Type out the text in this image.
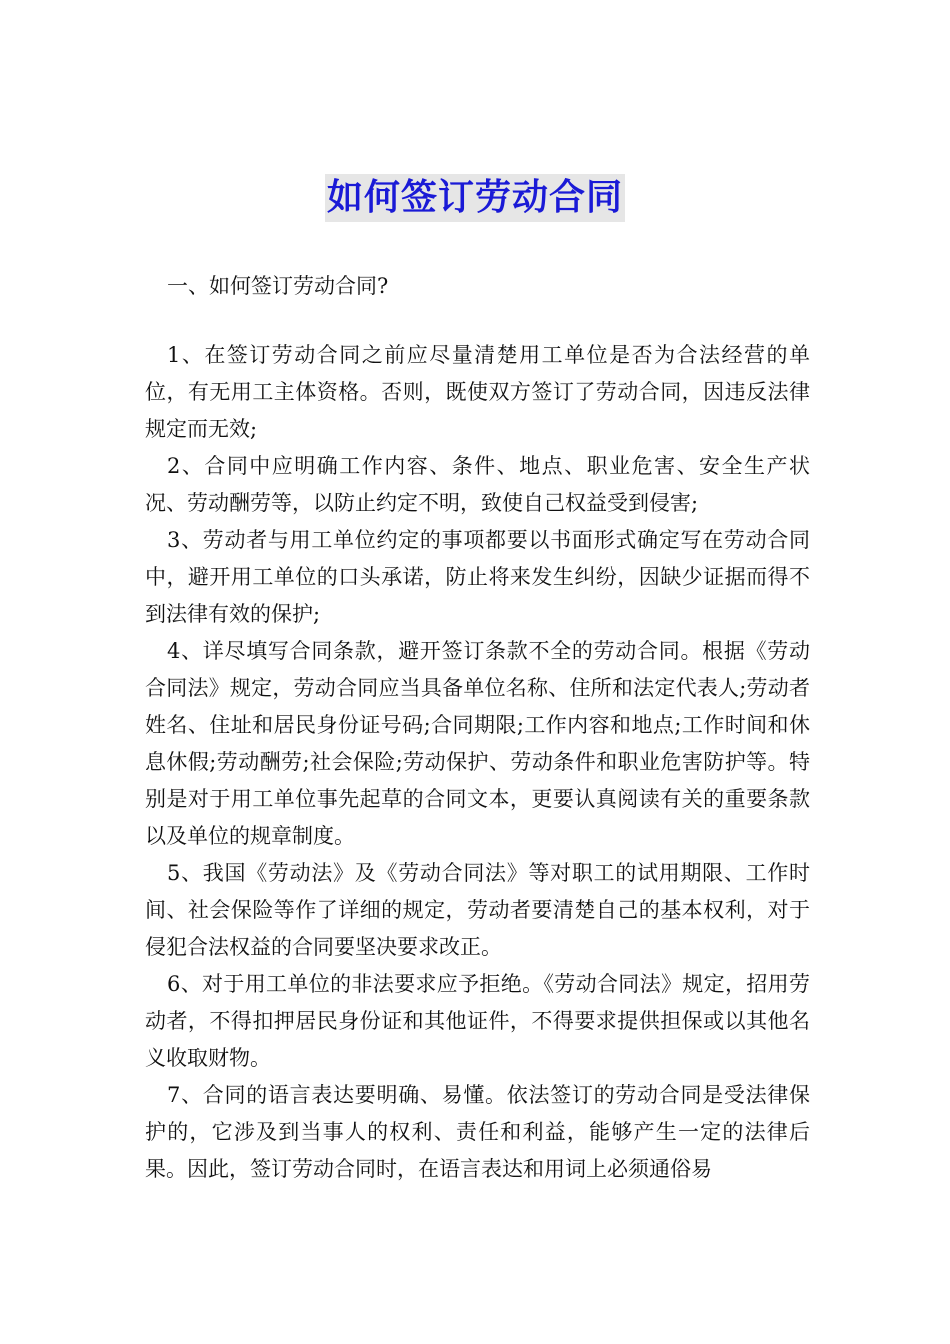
如何签订劳动合同
一、如何签订劳动合同?

1、在签订劳动合同之前应尽量清楚用工单位是否为合法经营的单位，有无用工主体资格。否则，既使双方签订了劳动合同，因违反法律规定而无效;

2、合同中应明确工作内容、条件、地点、职业危害、安全生产状况、劳动酬劳等，以防止约定不明，致使自己权益受到侵害;

3、劳动者与用工单位约定的事项都要以书面形式确定写在劳动合同中，避开用工单位的口头承诺，防止将来发生纠纷，因缺少证据而得不到法律有效的保护;

4、详尽填写合同条款，避开签订条款不全的劳动合同。根据《劳动合同法》规定，劳动合同应当具备单位名称、住所和法定代表人;劳动者姓名、住址和居民身份证号码;合同期限;工作内容和地点;工作时间和休息休假;劳动酬劳;社会保险;劳动保护、劳动条件和职业危害防护等。特别是对于用工单位事先起草的合同文本，更要认真阅读有关的重要条款以及单位的规章制度。

5、我国《劳动法》及《劳动合同法》等对职工的试用期限、工作时间、社会保险等作了详细的规定，劳动者要清楚自己的基本权利，对于侵犯合法权益的合同要坚决要求改正。

6、对于用工单位的非法要求应予拒绝。《劳动合同法》规定，招用劳动者，不得扣押居民身份证和其他证件，不得要求提供担保或以其他名义收取财物。

7、合同的语言表达要明确、易懂。依法签订的劳动合同是受法律保护的，它涉及到当事人的权利、责任和利益，能够产生一定的法律后果。因此，签订劳动合同时，在语言表达和用词上必须通俗易
